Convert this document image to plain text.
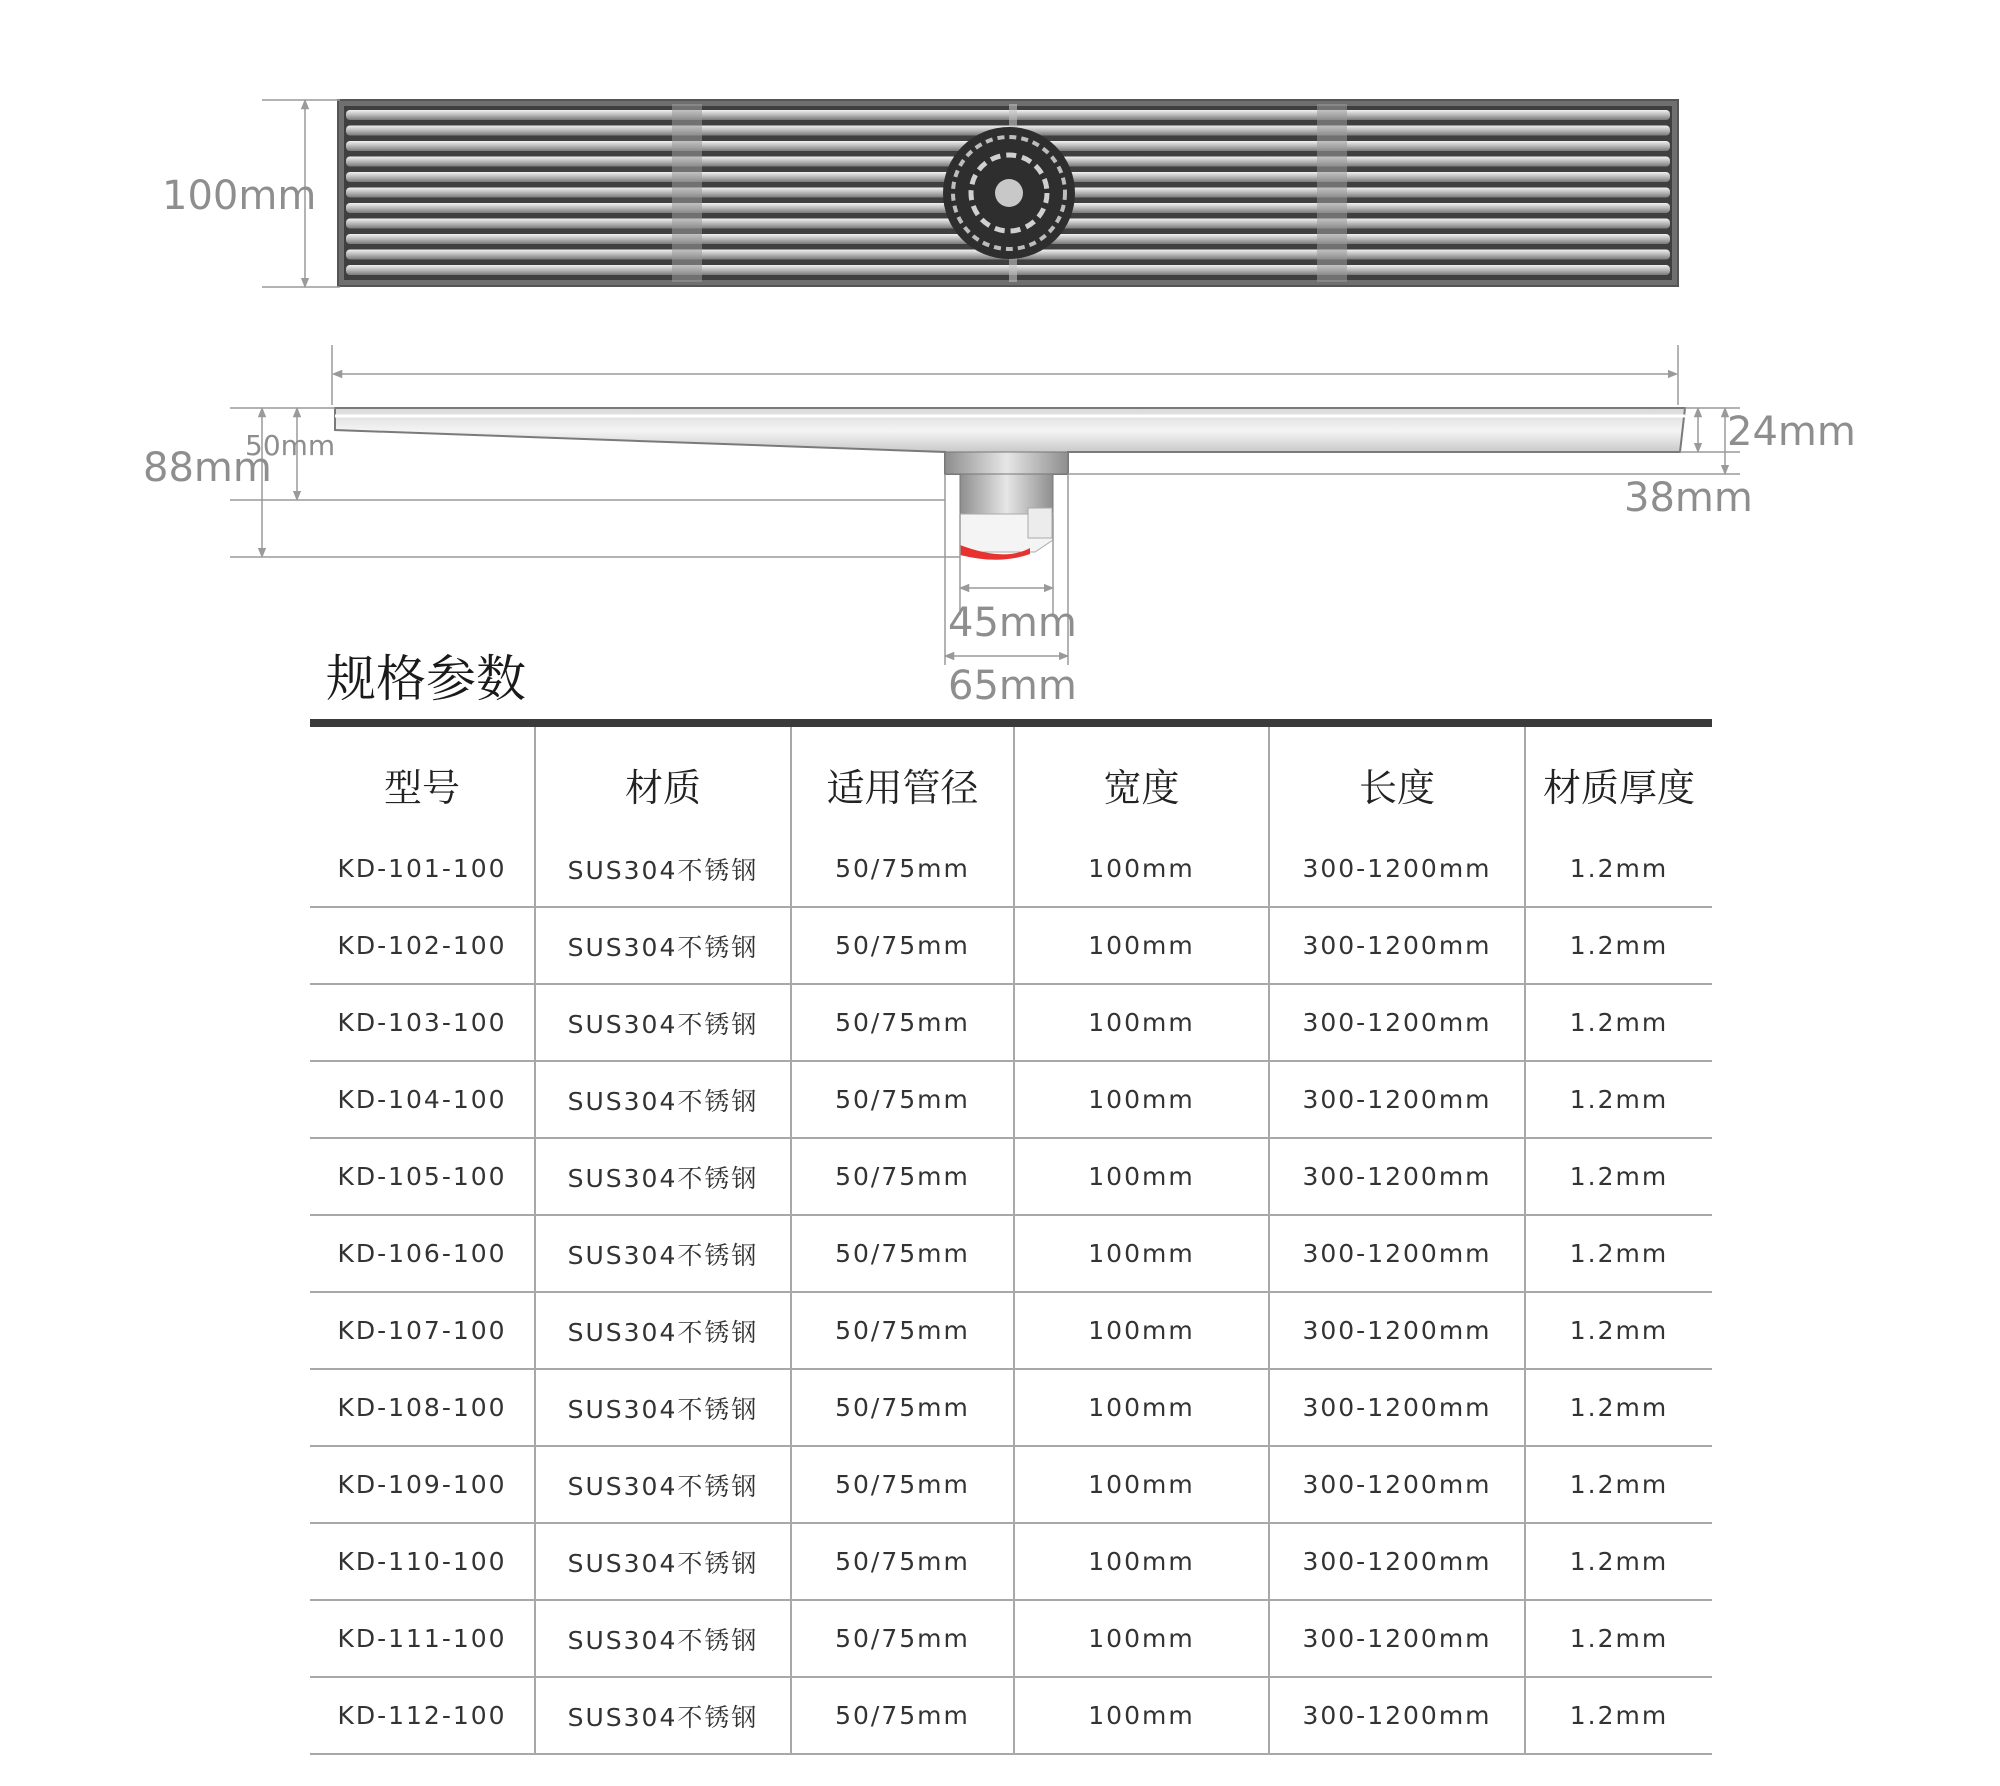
100mm
88mm
50mm	24mm
38mm
45mm
65mm
规格参数
型号	材质	适用管径	宽度	长度	材质厚度
KD-101-100	SUS304不锈钢	50/75mm	100mm	300-1200mm	1.2mm
KD-102-100	SUS304不锈钢	50/75mm	100mm	300-1200mm	1.2mm
KD-103-100	SUS304不锈钢	50/75mm	100mm	300-1200mm	1.2mm
KD-104-100	SUS304不锈钢	50/75mm	100mm	300-1200mm	1.2mm
KD-105-100	SUS304不锈钢	50/75mm	100mm	300-1200mm	1.2mm
KD-106-100	SUS304不锈钢	50/75mm	100mm	300-1200mm	1.2mm
KD-107-100	SUS304不锈钢	50/75mm	100mm	300-1200mm	1.2mm
KD-108-100	SUS304不锈钢	50/75mm	100mm	300-1200mm	1.2mm
KD-109-100	SUS304不锈钢	50/75mm	100mm	300-1200mm	1.2mm
KD-110-100	SUS304不锈钢	50/75mm	100mm	300-1200mm	1.2mm
KD-111-100	SUS304不锈钢	50/75mm	100mm	300-1200mm	1.2mm
KD-112-100	SUS304不锈钢	50/75mm	100mm	300-1200mm	1.2mm
